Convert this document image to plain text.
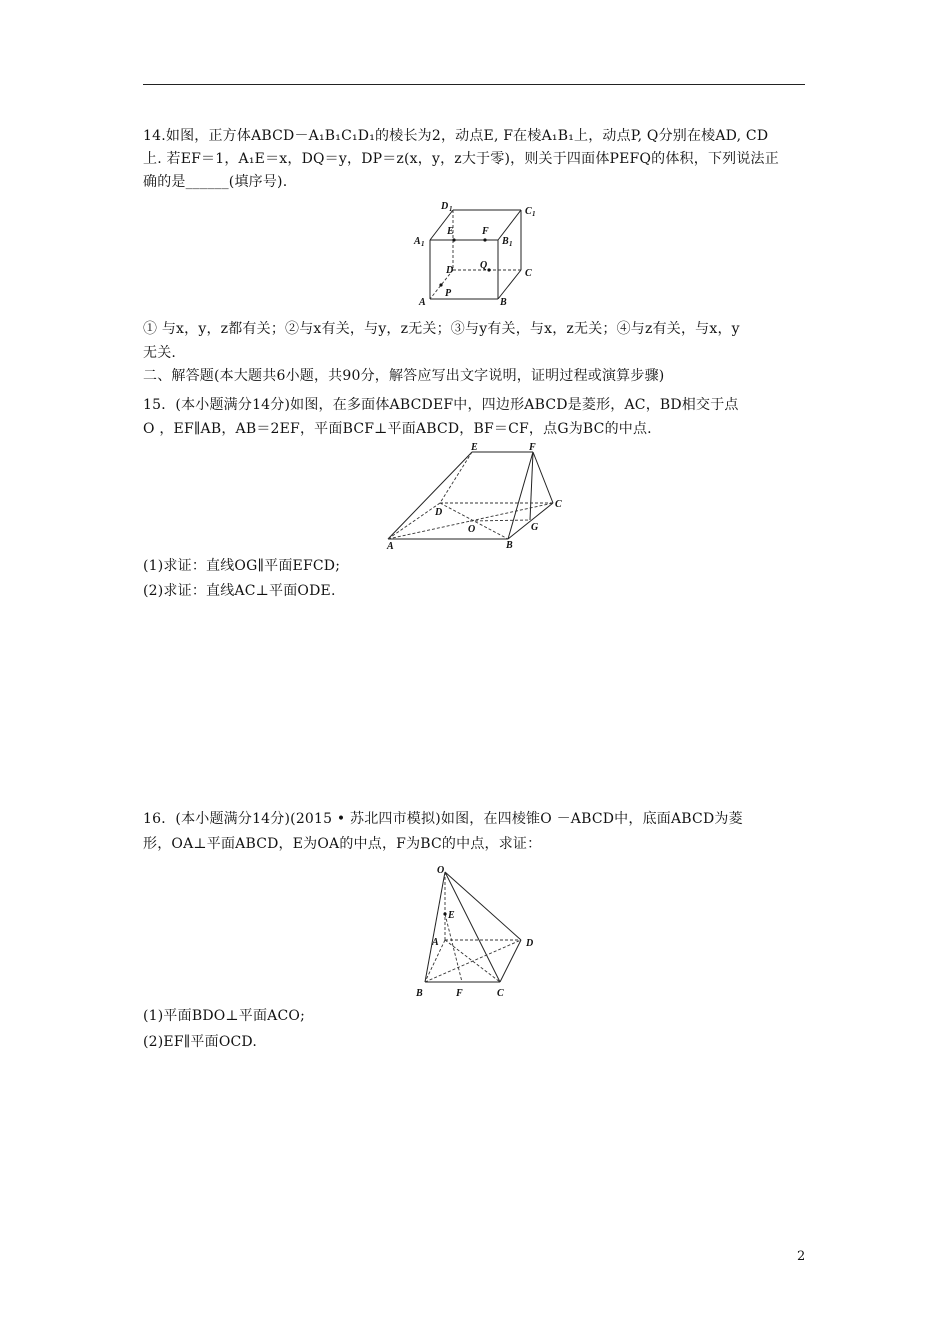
14.如图，正方体ABCD－A₁B₁C₁D₁的棱长为2，动点E, F在棱A₁B₁上，动点P, Q分别在棱AD, CD
上. 若EF＝1，A₁E＝x，DQ＝y，DP＝z(x，y，z大于零)，则关于四面体PEFQ的体积，下列说法正
确的是______(填序号).
D 1	C 1
A 1	B 1
E	F
D	Q
C
A
P
B
① 与x，y，z都有关；②与x有关，与y，z无关；③与y有关，与x，z无关；④与z有关，与x，y
无关.
二、解答题(本大题共6小题，共90分，解答应写出文字说明，证明过程或演算步骤)
15．(本小题满分14分)如图，在多面体ABCDEF中，四边形ABCD是菱形，AC，BD相交于点
O ，EF∥AB，AB＝2EF，平面BCF⊥平面ABCD，BF＝CF，点G为BC的中点.
E	F
D
C
O	G
A	B
(1)求证：直线OG∥平面EFCD;
(2)求证：直线AC⊥平面ODE.
16．(本小题满分14分)(2015 • 苏北四市模拟)如图，在四棱锥O －ABCD中，底面ABCD为菱
形，OA⊥平面ABCD，E为OA的中点，F为BC的中点，求证：
O
E
A	D
B	F	C
(1)平面BDO⊥平面ACO;
(2)EF∥平面OCD.
2
